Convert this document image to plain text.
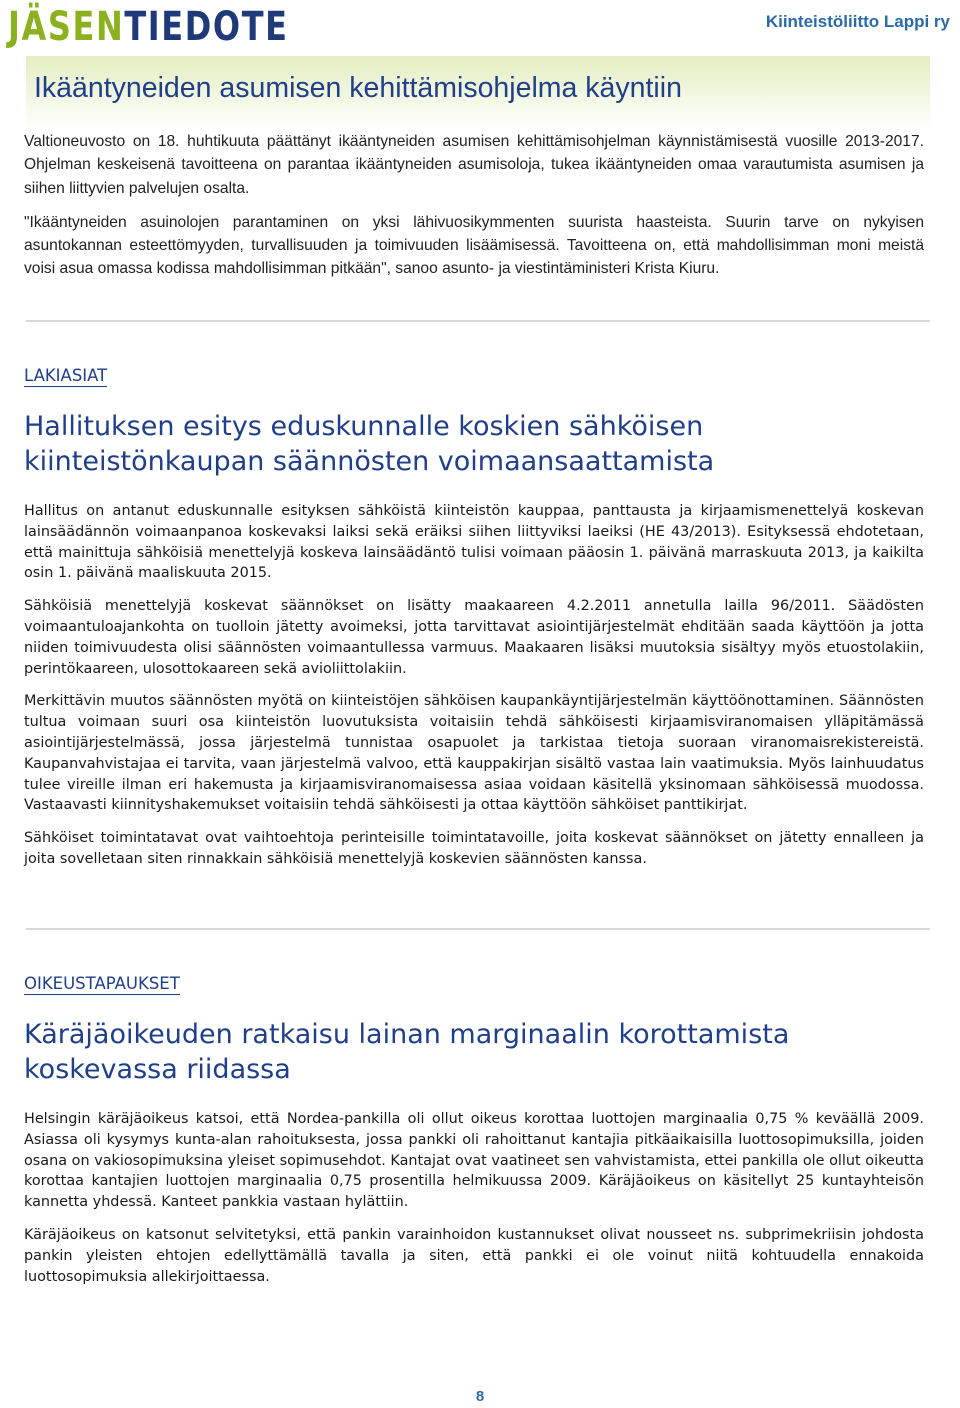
JÄSENTIEDOTE	Kiinteistöliitto Lappi ry
Ikääntyneiden asumisen kehittämisohjelma käyntiin

Valtioneuvosto on 18. huhtikuuta päättänyt ikääntyneiden asumisen kehittämisohjelman käynnistämisestä vuosille 2013-2017. Ohjelman keskeisenä tavoitteena on parantaa ikääntyneiden asumisoloja, tukea ikääntyneiden omaa varautumista asumisen ja siihen liittyvien palvelujen osalta.

"Ikääntyneiden asuinolojen parantaminen on yksi lähivuosikymmenten suurista haasteista. Suurin tarve on nykyisen asuntokannan esteettömyyden, turvallisuuden ja toimivuuden lisäämisessä. Tavoitteena on, että mahdollisimman moni meistä voisi asua omassa kodissa mahdollisimman pitkään", sanoo asunto- ja viestintäministeri Krista Kiuru.

LAKIASIAT
Hallituksen esitys eduskunnalle koskien sähköisen kiinteistönkaupan säännösten voimaansaattamista

Hallitus on antanut eduskunnalle esityksen sähköistä kiinteistön kauppaa, panttausta ja kirjaamismenettelyä koskevan lainsäädännön voimaanpanoa koskevaksi laiksi sekä eräiksi siihen liittyviksi laeiksi (HE 43/2013). Esityksessä ehdotetaan, että mainittuja sähköisiä menettelyjä koskeva lainsäädäntö tulisi voimaan pääosin 1. päivänä marraskuuta 2013, ja kaikilta osin 1. päivänä maaliskuuta 2015.

Sähköisiä menettelyjä koskevat säännökset on lisätty maakaareen 4.2.2011 annetulla lailla 96/2011. Säädösten voimaantuloajankohta on tuolloin jätetty avoimeksi, jotta tarvittavat asiointijärjestelmät ehditään saada käyttöön ja jotta niiden toimivuudesta olisi säännösten voimaantullessa varmuus. Maakaaren lisäksi muutoksia sisältyy myös etuostolakiin, perintökaareen, ulosottokaareen sekä avioliittolakiin.

Merkittävin muutos säännösten myötä on kiinteistöjen sähköisen kaupankäyntijärjestelmän käyttöönottaminen. Säännösten tultua voimaan suuri osa kiinteistön luovutuksista voitaisiin tehdä sähköisesti kirjaamisviranomaisen ylläpitämässä asiointijärjestelmässä, jossa järjestelmä tunnistaa osapuolet ja tarkistaa tietoja suoraan viranomaisrekistereistä. Kaupanvahvistajaa ei tarvita, vaan järjestelmä valvoo, että kauppakirjan sisältö vastaa lain vaatimuksia. Myös lainhuudatus tulee vireille ilman eri hakemusta ja kirjaamisviranomaisessa asiaa voidaan käsitellä yksinomaan sähköisessä muodossa. Vastaavasti kiinnityshakemukset voitaisiin tehdä sähköisesti ja ottaa käyttöön sähköiset panttikirjat.

Sähköiset toimintatavat ovat vaihtoehtoja perinteisille toimintatavoille, joita koskevat säännökset on jätetty ennalleen ja joita sovelletaan siten rinnakkain sähköisiä menettelyjä koskevien säännösten kanssa.

OIKEUSTAPAUKSET
Käräjäoikeuden ratkaisu lainan marginaalin korottamista koskevassa riidassa

Helsingin käräjäoikeus katsoi, että Nordea-pankilla oli ollut oikeus korottaa luottojen marginaalia 0,75 % keväällä 2009. Asiassa oli kysymys kunta-alan rahoituksesta, jossa pankki oli rahoittanut kantajia pitkäaikaisilla luottosopimuksilla, joiden osana on vakiosopimuksina yleiset sopimusehdot. Kantajat ovat vaatineet sen vahvistamista, ettei pankilla ole ollut oikeutta korottaa kantajien luottojen marginaalia 0,75 prosentilla helmikuussa 2009. Käräjäoikeus on käsitellyt 25 kuntayhteisön kannetta yhdessä. Kanteet pankkia vastaan hylättiin.

Käräjäoikeus on katsonut selvitetyksi, että pankin varainhoidon kustannukset olivat nousseet ns. subprimekriisin johdosta pankin yleisten ehtojen edellyttämällä tavalla ja siten, että pankki ei ole voinut niitä kohtuudella ennakoida luottosopimuksia allekirjoittaessa.

8
